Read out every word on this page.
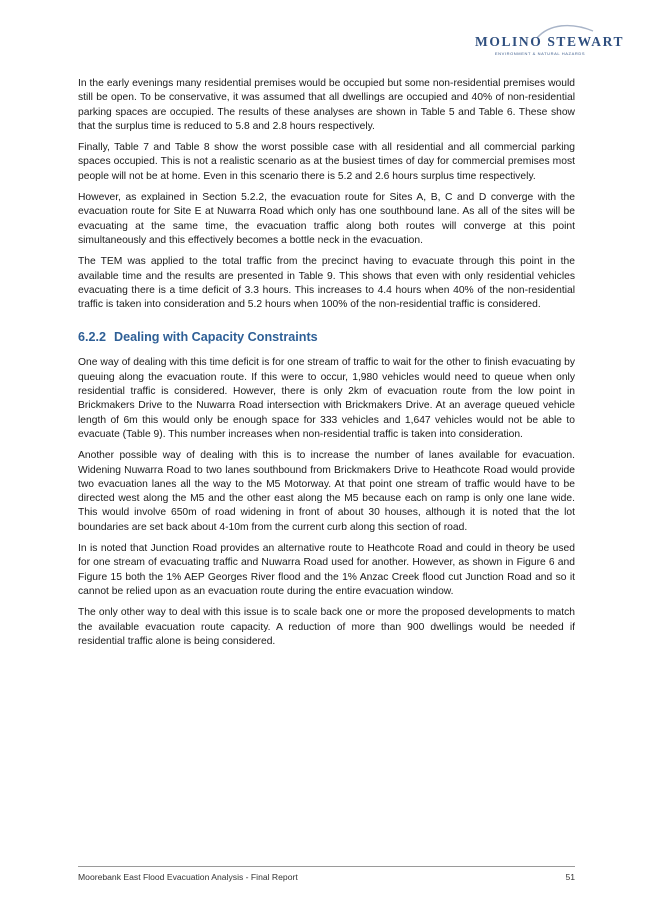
MOLINO STEWART
ENVIRONMENT & NATURAL HAZARDS

In the early evenings many residential premises would be occupied but some non-residential premises would still be open. To be conservative, it was assumed that all dwellings are occupied and 40% of non-residential parking spaces are occupied. The results of these analyses are shown in Table 5 and Table 6. These show that the surplus time is reduced to 5.8 and 2.8 hours respectively.

Finally, Table 7 and Table 8 show the worst possible case with all residential and all commercial parking spaces occupied. This is not a realistic scenario as at the busiest times of day for commercial premises most people will not be at home. Even in this scenario there is 5.2 and 2.6 hours surplus time respectively.

However, as explained in Section 5.2.2, the evacuation route for Sites A, B, C and D converge with the evacuation route for Site E at Nuwarra Road which only has one southbound lane. As all of the sites will be evacuating at the same time, the evacuation traffic along both routes will converge at this point simultaneously and this effectively becomes a bottle neck in the evacuation.

The TEM was applied to the total traffic from the precinct having to evacuate through this point in the available time and the results are presented in Table 9. This shows that even with only residential vehicles evacuating there is a time deficit of 3.3 hours. This increases to 4.4 hours when 40% of the non-residential traffic is taken into consideration and 5.2 hours when 100% of the non-residential traffic is considered.

6.2.2 Dealing with Capacity Constraints

One way of dealing with this time deficit is for one stream of traffic to wait for the other to finish evacuating by queuing along the evacuation route. If this were to occur, 1,980 vehicles would need to queue when only residential traffic is considered. However, there is only 2km of evacuation route from the low point in Brickmakers Drive to the Nuwarra Road intersection with Brickmakers Drive. At an average queued vehicle length of 6m this would only be enough space for 333 vehicles and 1,647 vehicles would not be able to evacuate (Table 9). This number increases when non-residential traffic is taken into consideration.

Another possible way of dealing with this is to increase the number of lanes available for evacuation. Widening Nuwarra Road to two lanes southbound from Brickmakers Drive to Heathcote Road would provide two evacuation lanes all the way to the M5 Motorway. At that point one stream of traffic would have to be directed west along the M5 and the other east along the M5 because each on ramp is only one lane wide. This would involve 650m of road widening in front of about 30 houses, although it is noted that the lot boundaries are set back about 4-10m from the current curb along this section of road.

In is noted that Junction Road provides an alternative route to Heathcote Road and could in theory be used for one stream of evacuating traffic and Nuwarra Road used for another. However, as shown in Figure 6 and Figure 15 both the 1% AEP Georges River flood and the 1% Anzac Creek flood cut Junction Road and so it cannot be relied upon as an evacuation route during the entire evacuation window.

The only other way to deal with this issue is to scale back one or more the proposed developments to match the available evacuation route capacity. A reduction of more than 900 dwellings would be needed if residential traffic alone is being considered.

Moorebank East Flood Evacuation Analysis - Final Report	51
